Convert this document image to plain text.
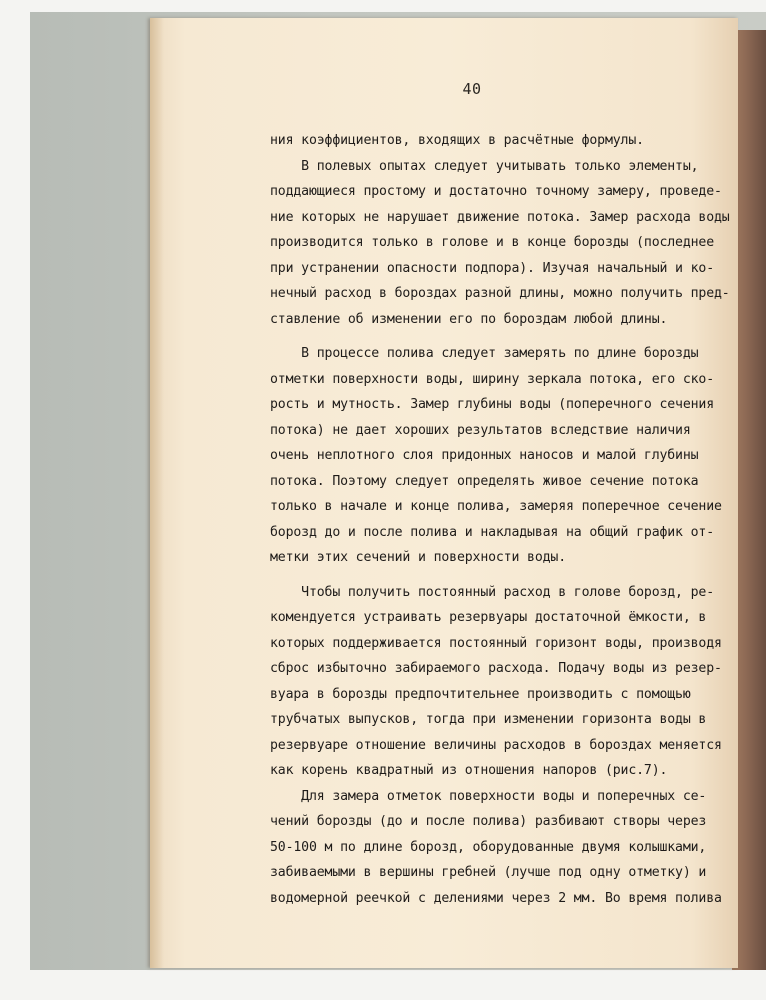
40
ния коэффициентов, входящих в расчётные формулы.
В полевых опытах следует учитывать только элементы,
поддающиеся простому и достаточно точному замеру, проведе-
ние которых не нарушает движение потока. Замер расхода воды
производится только в голове и в конце борозды (последнее
при устранении опасности подпора). Изучая начальный и ко-
нечный расход в бороздах разной длины, можно получить пред-
ставление об изменении его по бороздам любой длины.
В процессе полива следует замерять по длине борозды
отметки поверхности воды, ширину зеркала потока, его ско-
рость и мутность. Замер глубины воды (поперечного сечения
потока) не дает хороших результатов вследствие наличия
очень неплотного слоя придонных наносов и малой глубины
потока. Поэтому следует определять живое сечение потока
только в начале и конце полива, замеряя поперечное сечение
борозд до и после полива и накладывая на общий график от-
метки этих сечений и поверхности воды.
Чтобы получить постоянный расход в голове борозд, ре-
комендуется устраивать резервуары достаточной ёмкости, в
которых поддерживается постоянный горизонт воды, производя
сброс избыточно забираемого расхода. Подачу воды из резер-
вуара в борозды предпочтительнее производить с помощью
трубчатых выпусков, тогда при изменении горизонта воды в
резервуаре отношение величины расходов в бороздах меняется
как корень квадратный из отношения напоров (рис.7).
Для замера отметок поверхности воды и поперечных се-
чений борозды (до и после полива) разбивают створы через
50-100 м по длине борозд, оборудованные двумя колышками,
забиваемыми в вершины гребней (лучше под одну отметку) и
водомерной реечкой с делениями через 2 мм. Во время полива
